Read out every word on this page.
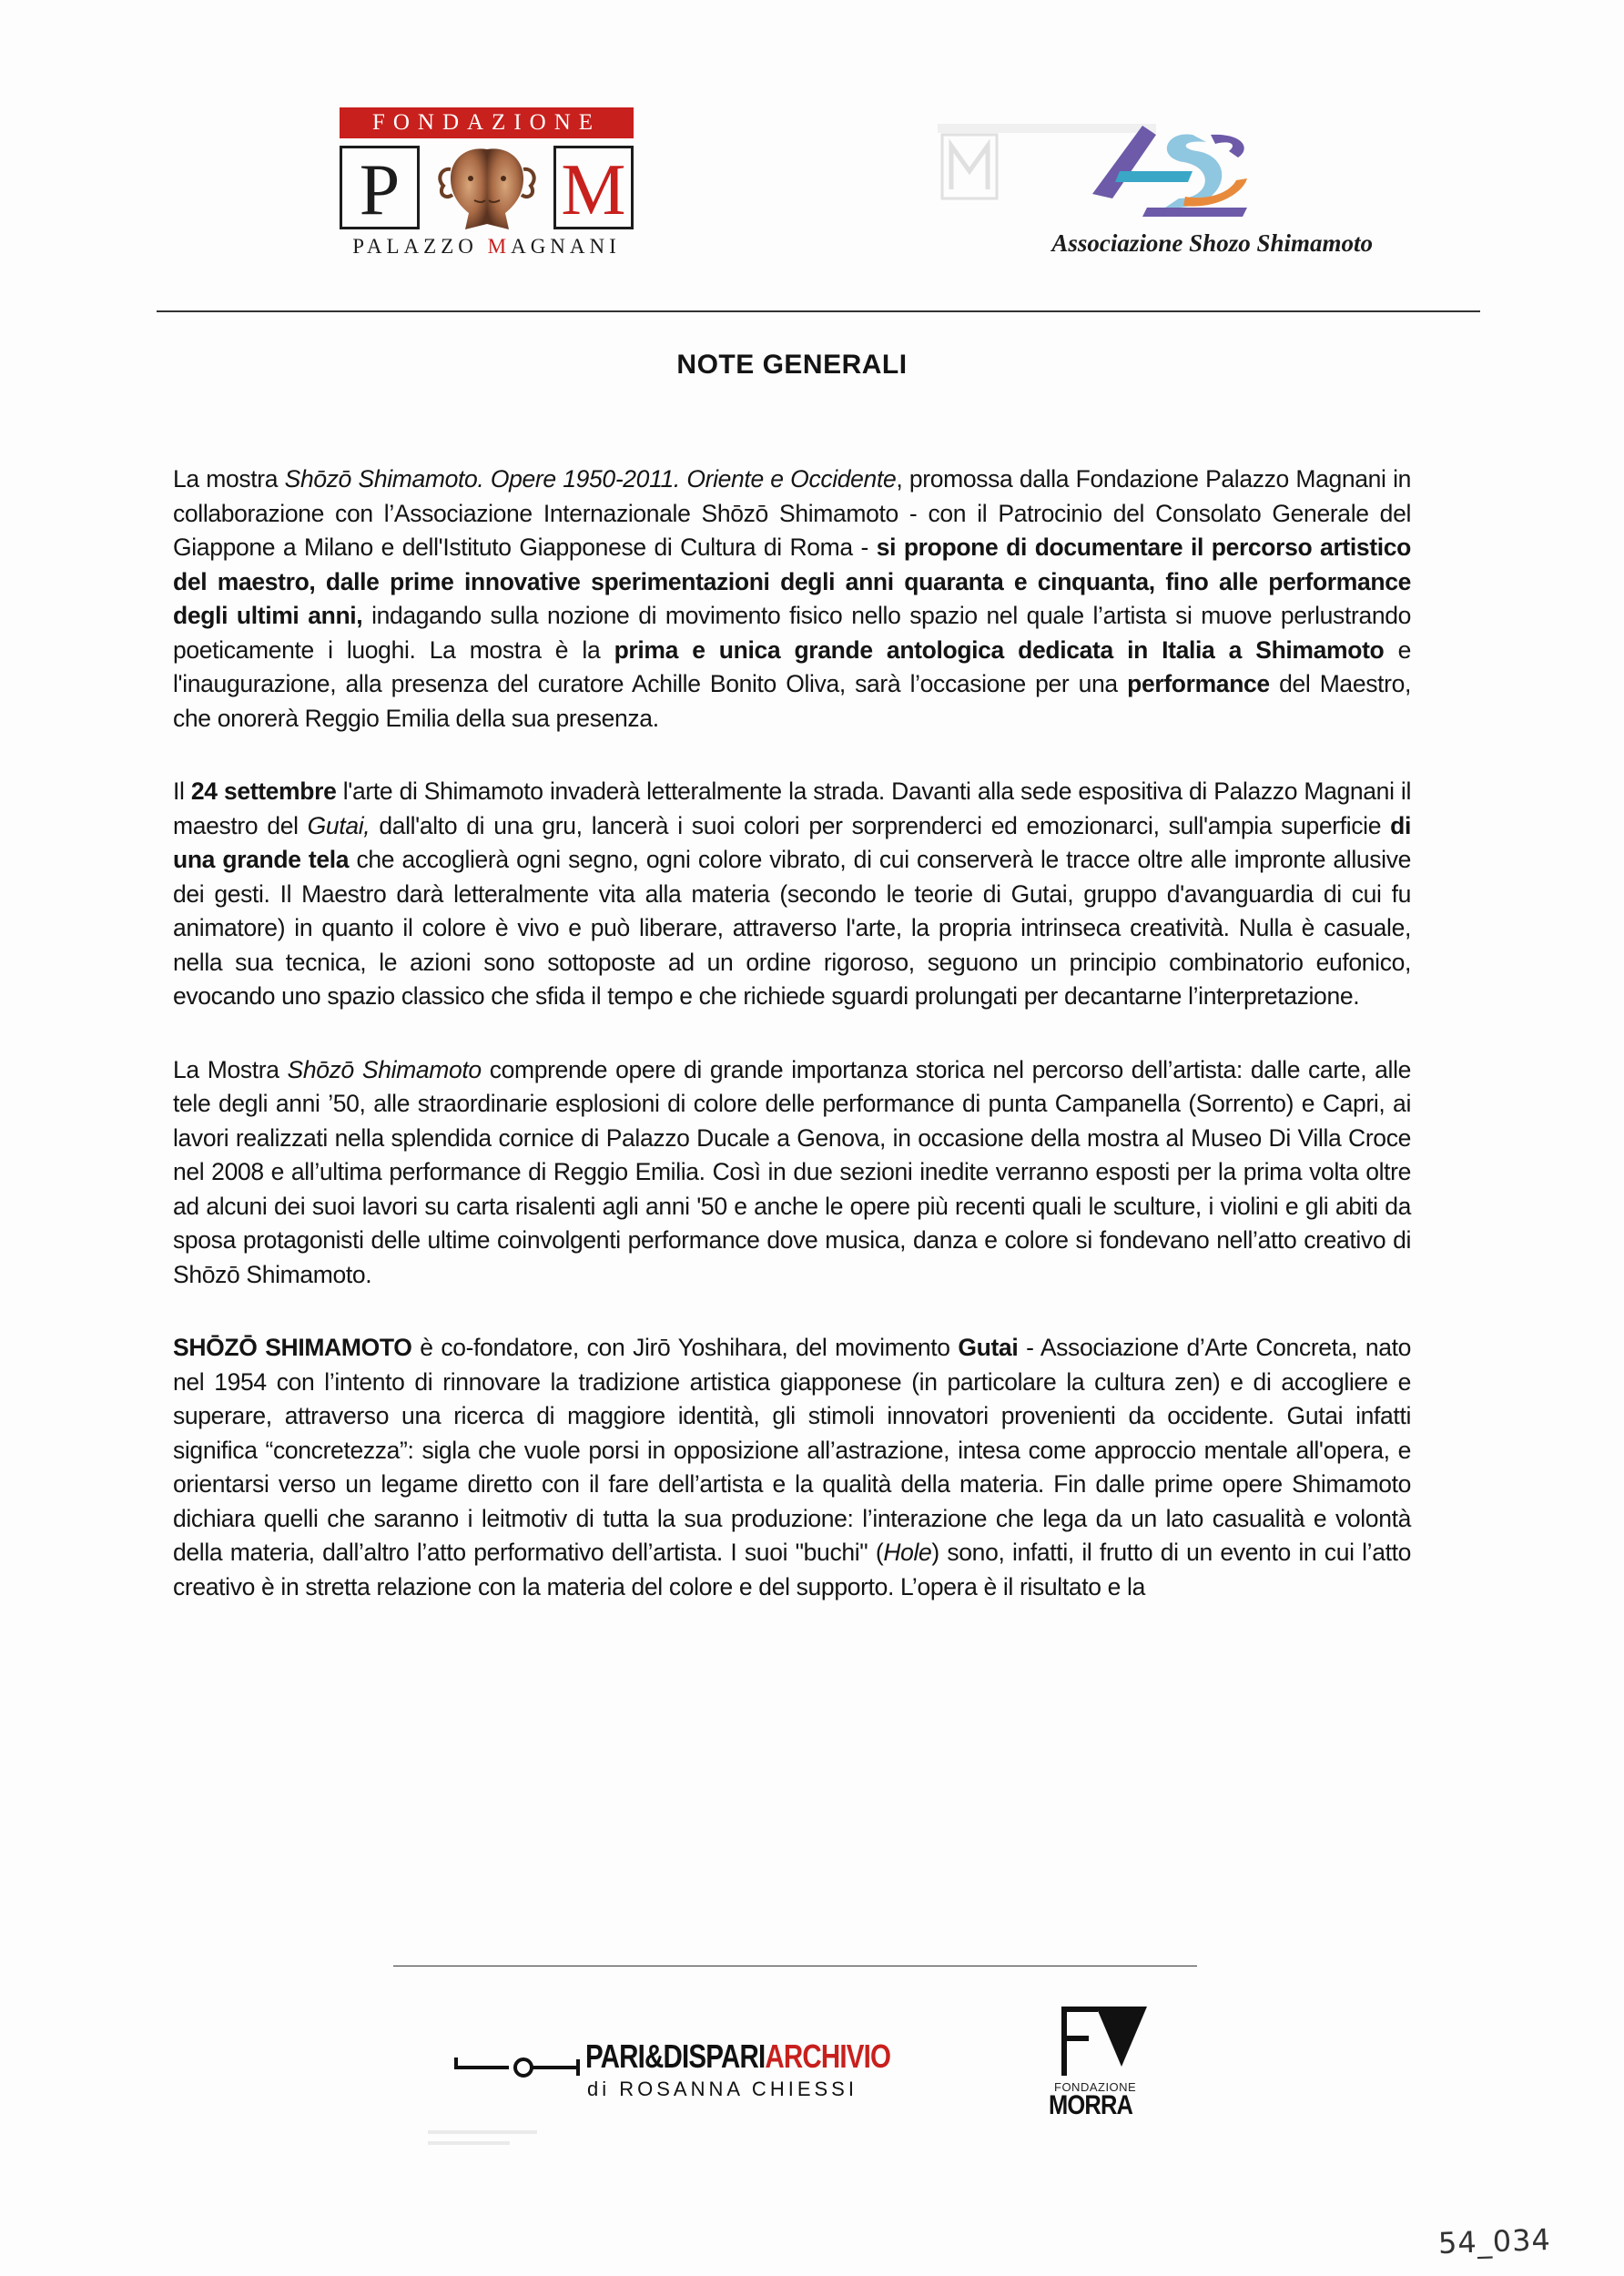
FONDAZIONE
P M
PALAZZO MAGNANI	Associazione Shozo Shimamoto
NOTE GENERALI

La mostra Shōzō Shimamoto. Opere 1950-2011. Oriente e Occidente, promossa dalla Fondazione Palazzo Magnani in collaborazione con l’Associazione Internazionale Shōzō Shimamoto - con il Patrocinio del Consolato Generale del Giappone a Milano e dell'Istituto Giapponese di Cultura di Roma - si propone di documentare il percorso artistico del maestro, dalle prime innovative sperimentazioni degli anni quaranta e cinquanta, fino alle performance degli ultimi anni, indagando sulla nozione di movimento fisico nello spazio nel quale l’artista si muove perlustrando poeticamente i luoghi. La mostra è la prima e unica grande antologica dedicata in Italia a Shimamoto e l'inaugurazione, alla presenza del curatore Achille Bonito Oliva, sarà l’occasione per una performance del Maestro, che onorerà Reggio Emilia della sua presenza.

Il 24 settembre l'arte di Shimamoto invaderà letteralmente la strada. Davanti alla sede espositiva di Palazzo Magnani il maestro del Gutai, dall'alto di una gru, lancerà i suoi colori per sorprenderci ed emozionarci, sull'ampia superficie di una grande tela che accoglierà ogni segno, ogni colore vibrato, di cui conserverà le tracce oltre alle impronte allusive dei gesti. Il Maestro darà letteralmente vita alla materia (secondo le teorie di Gutai, gruppo d'avanguardia di cui fu animatore) in quanto il colore è vivo e può liberare, attraverso l'arte, la propria intrinseca creatività. Nulla è casuale, nella sua tecnica, le azioni sono sottoposte ad un ordine rigoroso, seguono un principio combinatorio eufonico, evocando uno spazio classico che sfida il tempo e che richiede sguardi prolungati per decantarne l’interpretazione.

La Mostra Shōzō Shimamoto comprende opere di grande importanza storica nel percorso dell’artista: dalle carte, alle tele degli anni ’50, alle straordinarie esplosioni di colore delle performance di punta Campanella (Sorrento) e Capri, ai lavori realizzati nella splendida cornice di Palazzo Ducale a Genova, in occasione della mostra al Museo Di Villa Croce nel 2008 e all’ultima performance di Reggio Emilia. Così in due sezioni inedite verranno esposti per la prima volta oltre ad alcuni dei suoi lavori su carta risalenti agli anni '50 e anche le opere più recenti quali le sculture, i violini e gli abiti da sposa protagonisti delle ultime coinvolgenti performance dove musica, danza e colore si fondevano nell’atto creativo di Shōzō Shimamoto.

SHŌZŌ SHIMAMOTO è co-fondatore, con Jirō Yoshihara, del movimento Gutai - Associazione d’Arte Concreta, nato nel 1954 con l’intento di rinnovare la tradizione artistica giapponese (in particolare la cultura zen) e di accogliere e superare, attraverso una ricerca di maggiore identità, gli stimoli innovatori provenienti da occidente. Gutai infatti significa “concretezza”: sigla che vuole porsi in opposizione all’astrazione, intesa come approccio mentale all'opera, e orientarsi verso un legame diretto con il fare dell’artista e la qualità della materia. Fin dalle prime opere Shimamoto dichiara quelli che saranno i leitmotiv di tutta la sua produzione: l’interazione che lega da un lato casualità e volontà della materia, dall’altro l’atto performativo dell’artista. I suoi "buchi" (Hole) sono, infatti, il frutto di un evento in cui l’atto creativo è in stretta relazione con la materia del colore e del supporto. L’opera è il risultato e la

PARI&DISPARIARCHIVIO
di ROSANNA CHIESSI	FONDAZIONE
MORRA
54_034
